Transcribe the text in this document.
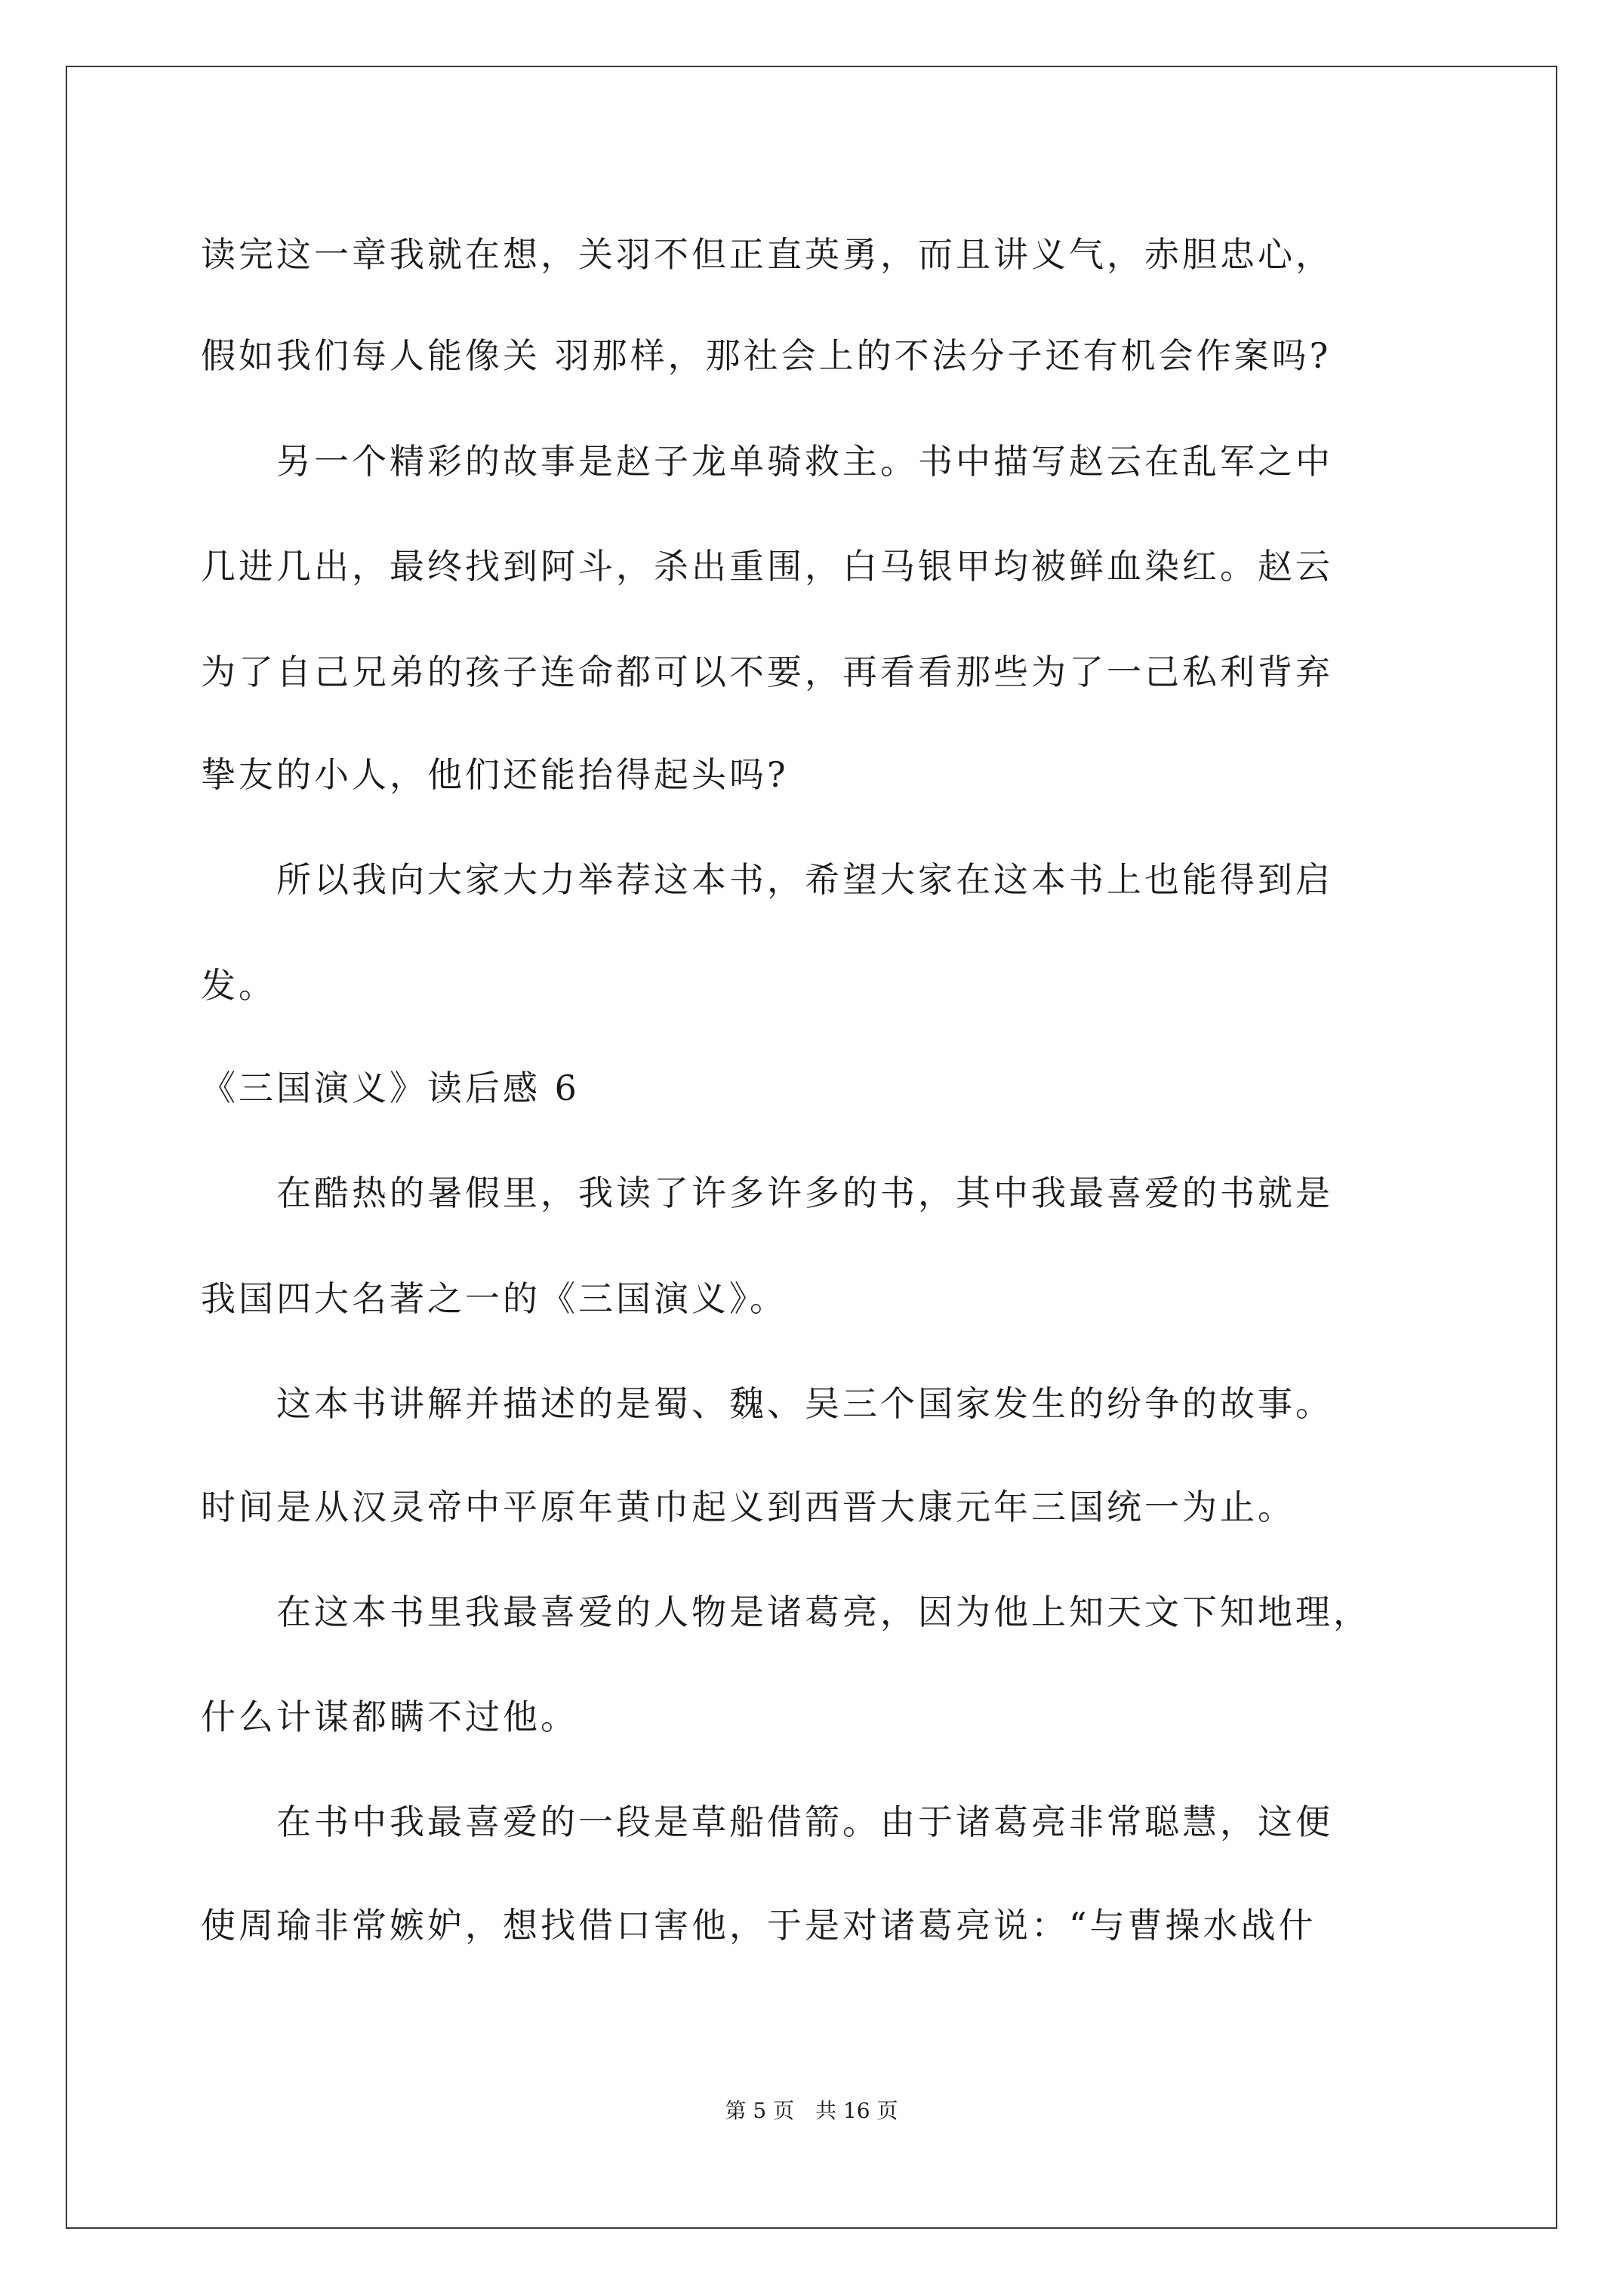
读完这一章我就在想，关羽不但正直英勇，而且讲义气，赤胆忠心，
假如我们每人能像关 羽那样，那社会上的不法分子还有机会作案吗?
另一个精彩的故事是赵子龙单骑救主。书中描写赵云在乱军之中
几进几出，最终找到阿斗，杀出重围，白马银甲均被鲜血染红。赵云
为了自己兄弟的孩子连命都可以不要，再看看那些为了一己私利背弃
挚友的小人，他们还能抬得起头吗?
所以我向大家大力举荐这本书，希望大家在这本书上也能得到启
发。
《三国演义》读后感 6
在酷热的暑假里，我读了许多许多的书，其中我最喜爱的书就是
我国四大名著之一的《三国演义》。
这本书讲解并描述的是蜀、魏、吴三个国家发生的纷争的故事。
时间是从汉灵帝中平原年黄巾起义到西晋大康元年三国统一为止。
在这本书里我最喜爱的人物是诸葛亮，因为他上知天文下知地理，
什么计谋都瞒不过他。
在书中我最喜爱的一段是草船借箭。由于诸葛亮非常聪慧，这便
使周瑜非常嫉妒，想找借口害他，于是对诸葛亮说：“与曹操水战什
第 5 页 共 16 页
